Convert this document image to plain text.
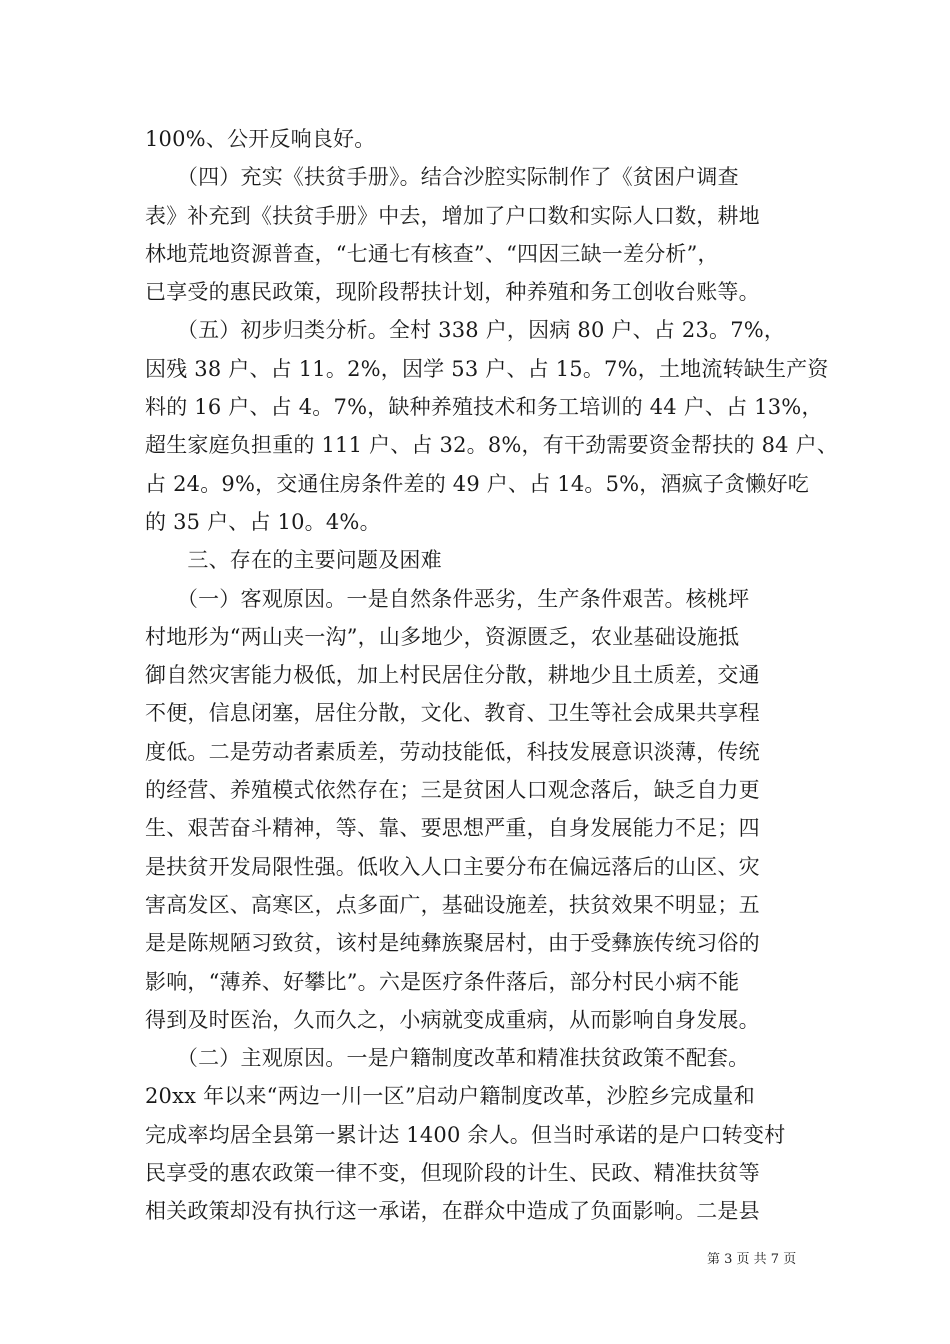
100%、公开反响良好。
　　（四）充实《扶贫手册》。结合沙腔实际制作了《贫困户调查
表》补充到《扶贫手册》中去，增加了户口数和实际人口数，耕地
林地荒地资源普查，“七通七有核查”、“四因三缺一差分析”，
已享受的惠民政策，现阶段帮扶计划，种养殖和务工创收台账等。
　　（五）初步归类分析。全村 338 户，因病 80 户、占 23。7%，
因残 38 户、占 11。2%，因学 53 户、占 15。7%，土地流转缺生产资
料的 16 户、占 4。7%，缺种养殖技术和务工培训的 44 户、占 13%，
超生家庭负担重的 111 户、占 32。8%，有干劲需要资金帮扶的 84 户、
占 24。9%，交通住房条件差的 49 户、占 14。5%，酒疯子贪懒好吃
的 35 户、占 10。4%。
　　三、存在的主要问题及困难
　　（一）客观原因。一是自然条件恶劣，生产条件艰苦。核桃坪
村地形为“两山夹一沟”，山多地少，资源匮乏，农业基础设施抵
御自然灾害能力极低，加上村民居住分散，耕地少且土质差，交通
不便，信息闭塞，居住分散，文化、教育、卫生等社会成果共享程
度低。二是劳动者素质差，劳动技能低，科技发展意识淡薄，传统
的经营、养殖模式依然存在；三是贫困人口观念落后，缺乏自力更
生、艰苦奋斗精神，等、靠、要思想严重，自身发展能力不足；四
是扶贫开发局限性强。低收入人口主要分布在偏远落后的山区、灾
害高发区、高寒区，点多面广，基础设施差，扶贫效果不明显；五
是是陈规陋习致贫，该村是纯彝族聚居村，由于受彝族传统习俗的
影响，“薄养、好攀比”。六是医疗条件落后，部分村民小病不能
得到及时医治，久而久之，小病就变成重病，从而影响自身发展。
　　（二）主观原因。一是户籍制度改革和精准扶贫政策不配套。
20xx 年以来“两边一川一区”启动户籍制度改革，沙腔乡完成量和
完成率均居全县第一累计达 1400 余人。但当时承诺的是户口转变村
民享受的惠农政策一律不变，但现阶段的计生、民政、精准扶贫等
相关政策却没有执行这一承诺，在群众中造成了负面影响。二是县
第 3 页 共 7 页
